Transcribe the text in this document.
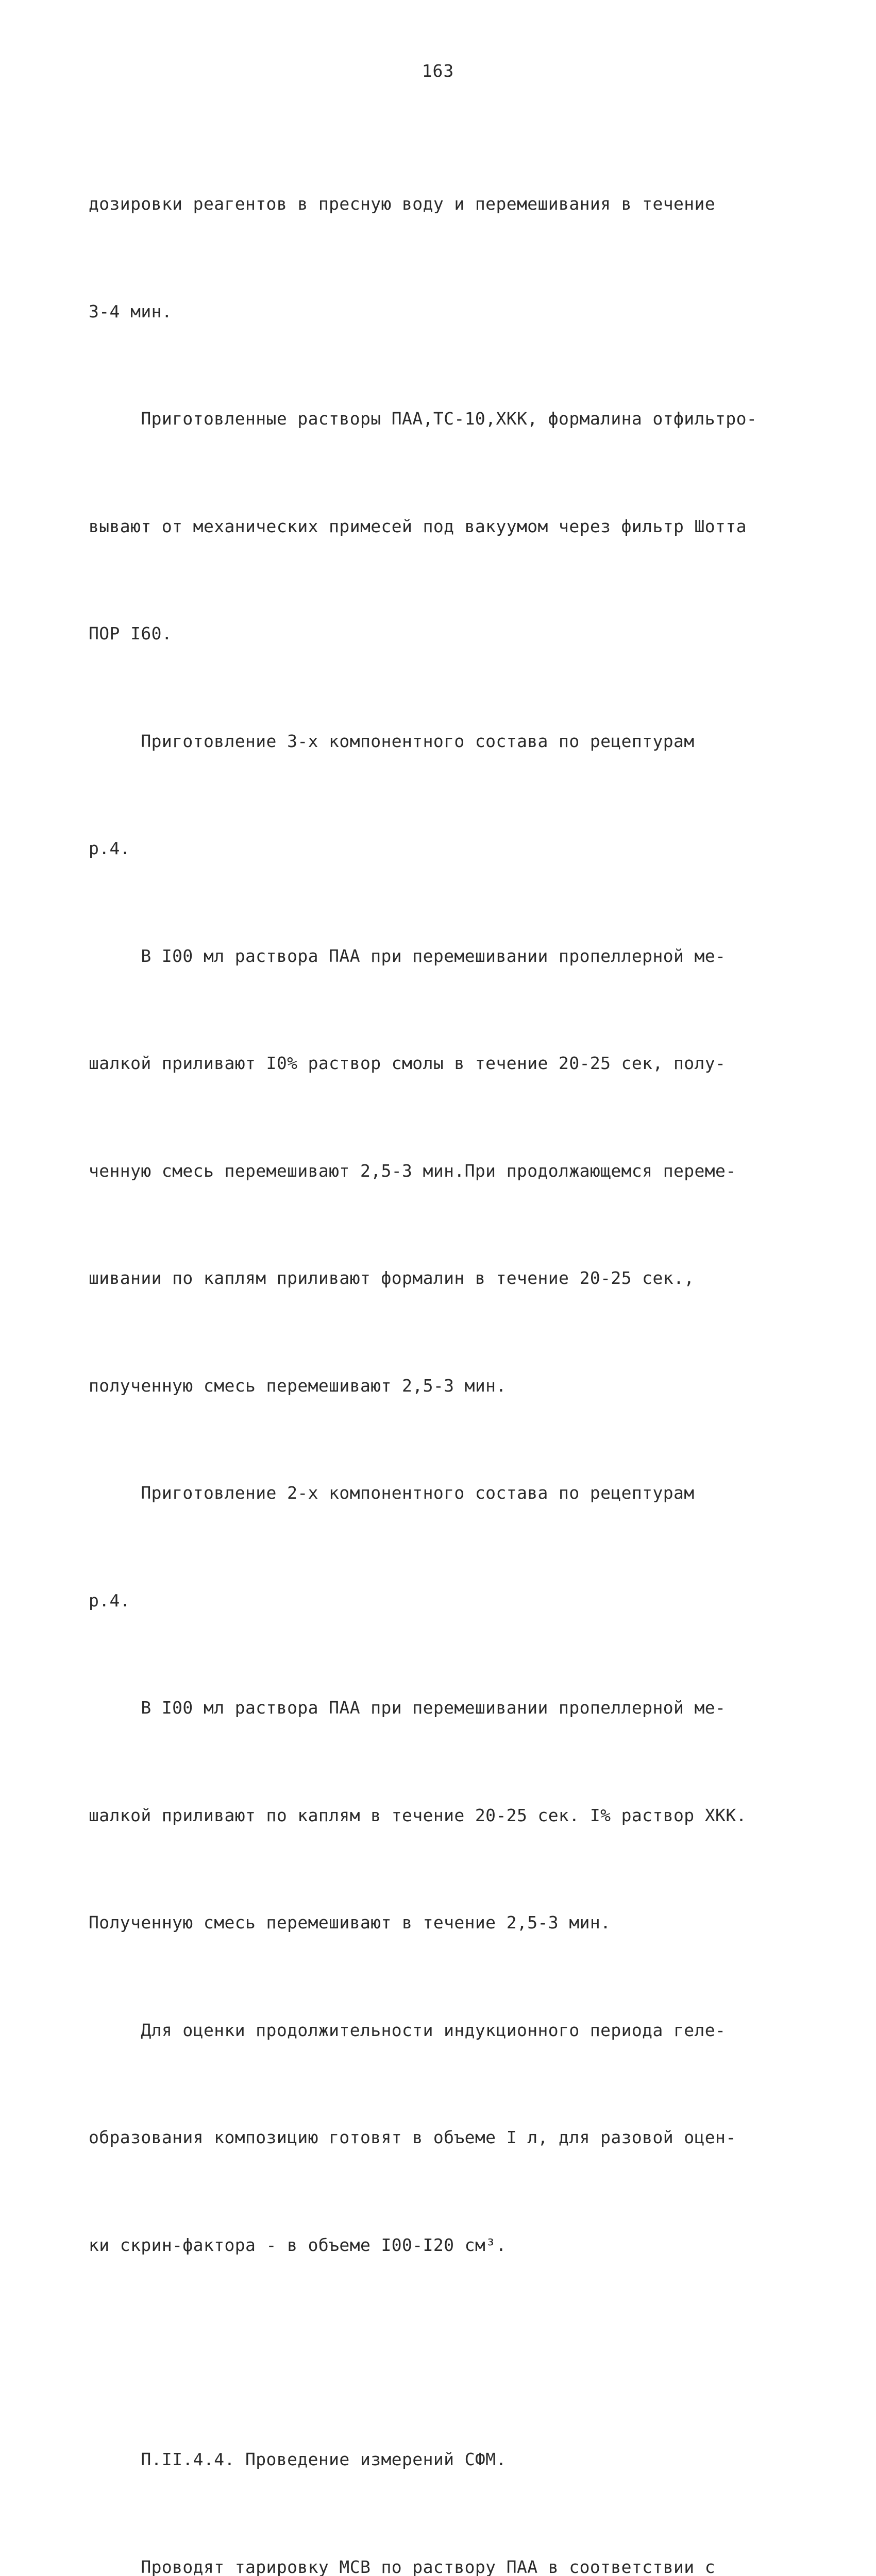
163

дозировки реагентов в пресную воду и перемешивания в течение

3-4 мин.

Приготовленные растворы ПАА,ТС-10,ХКК, формалина отфильтро-

вывают от механических примесей под вакуумом через фильтр Шотта

ПОР I60.

Приготовление 3-х компонентного состава по рецептурам

р.4.

В I00 мл раствора ПАА при перемешивании пропеллерной ме-

шалкой приливают I0% раствор смолы в течение 20-25 сек, полу-

ченную смесь перемешивают 2,5-3 мин.При продолжающемся переме-

шивании по каплям приливают формалин в течение 20-25 сек.,

полученную смесь перемешивают 2,5-3 мин.

Приготовление 2-х компонентного состава по рецептурам

р.4.

В I00 мл раствора ПАА при перемешивании пропеллерной ме-

шалкой приливают по каплям в течение 20-25 сек. I% раствор ХКК.

Полученную смесь перемешивают в течение 2,5-3 мин.

Для оценки продолжительности индукционного периода геле-

образования композицию готовят в объеме I л, для разовой оцен-

ки скрин-фактора - в объеме I00-I20 см³.

П.II.4.4. Проведение измерений СФМ.

Проводят тарировку МСВ по раствору ПАА в соответствии с
